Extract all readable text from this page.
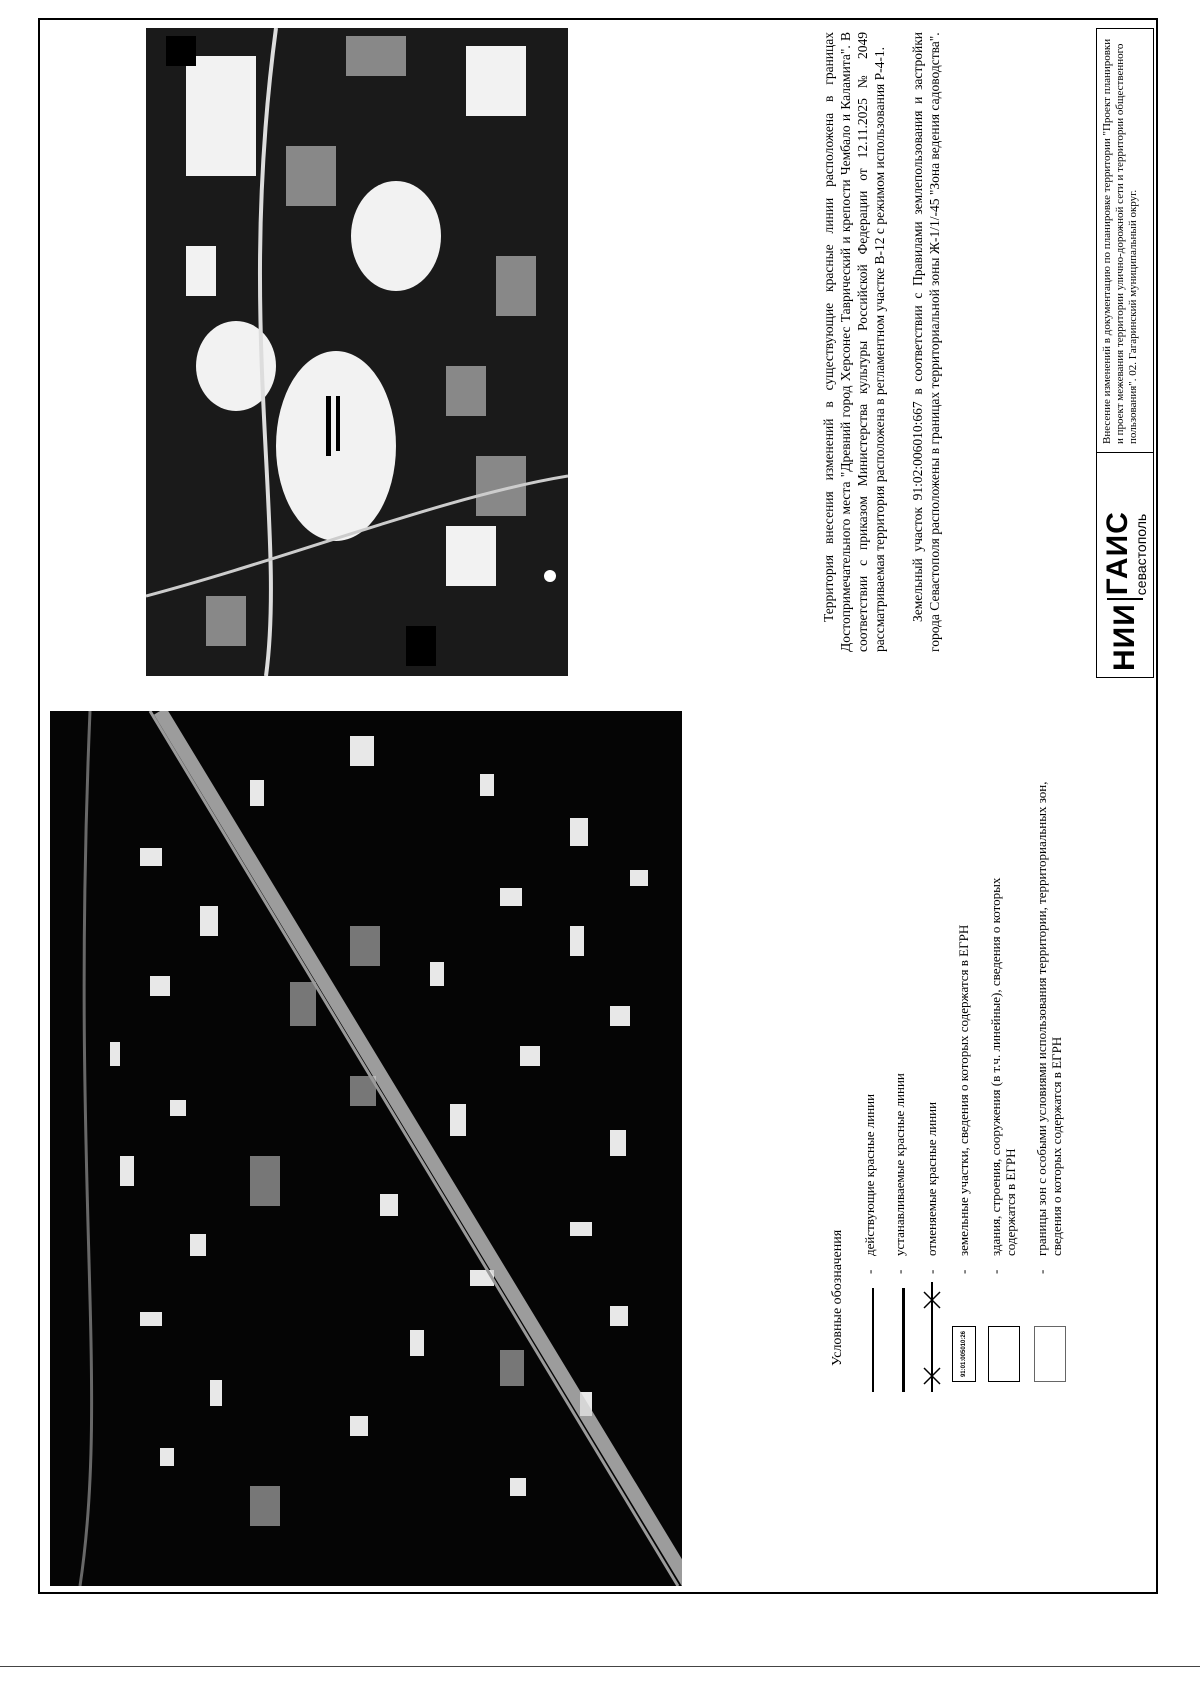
Условные обозначения -
действующие красные линии
-
устанавливаемые красные линии
-
отменяемые красные линии
91:01:005010:26
-
земельные участки, сведения о которых содержатся в ЕГРН
-
здания, строения, сооружения (в т.ч. линейные), сведения о которых содержатся в ЕГРН
-
границы зон с особыми условиями использования территории, территориальных зон, сведения о которых содержатся в ЕГРН
Территория внесения изменений в существующие красные линии расположена в границах Достопримечательного места "Древний город Херсонес Таврический и крепости Чембало и Каламита". В соответствии с приказом Министерства культуры Российской Федерации от 12.11.2025 № 2049 рассматриваемая территория расположена в регламентном участке В-12 с режимом использования Р-4-1. Земельный участок 91:02:006010:667 в соответствии с Правилами землепользования и застройки города Севастополя расположены в границах территориальной зоны Ж-1/1/-45 "Зона ведения садоводства".	НИИ
ГАИС севастополь
Внесение изменений в документацию по планировке территории "Проект планировки и проект межевания территории улично-дорожной сети и территории общественного пользования". 02. Гагаринский муниципальный округ.
